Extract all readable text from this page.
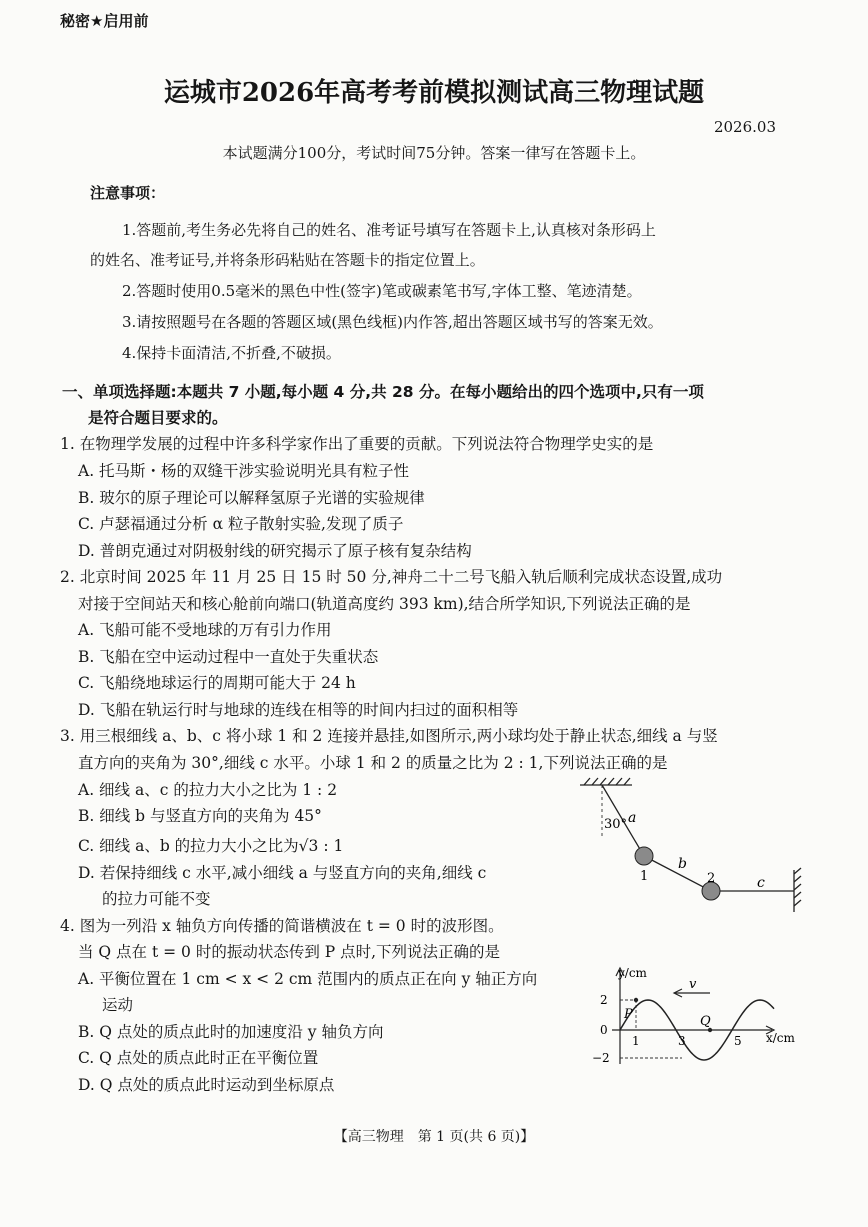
秘密★启用前
运城市2026年高考考前模拟测试高三物理试题
2026.03
本试题满分100分，考试时间75分钟。答案一律写在答题卡上。
注意事项：
1.答题前,考生务必先将自己的姓名、准考证号填写在答题卡上,认真核对条形码上
的姓名、准考证号,并将条形码粘贴在答题卡的指定位置上。
2.答题时使用0.5毫米的黑色中性(签字)笔或碳素笔书写,字体工整、笔迹清楚。
3.请按照题号在各题的答题区域(黑色线框)内作答,超出答题区域书写的答案无效。
4.保持卡面清洁,不折叠,不破损。
一、单项选择题:本题共 7 小题,每小题 4 分,共 28 分。在每小题给出的四个选项中,只有一项
是符合题目要求的。
1. 在物理学发展的过程中许多科学家作出了重要的贡献。下列说法符合物理学史实的是
A. 托马斯・杨的双缝干涉实验说明光具有粒子性
B. 玻尔的原子理论可以解释氢原子光谱的实验规律
C. 卢瑟福通过分析 α 粒子散射实验,发现了质子
D. 普朗克通过对阴极射线的研究揭示了原子核有复杂结构
2. 北京时间 2025 年 11 月 25 日 15 时 50 分,神舟二十二号飞船入轨后顺利完成状态设置,成功
对接于空间站天和核心舱前向端口(轨道高度约 393 km),结合所学知识,下列说法正确的是
A. 飞船可能不受地球的万有引力作用
B. 飞船在空中运动过程中一直处于失重状态
C. 飞船绕地球运行的周期可能大于 24 h
D. 飞船在轨运行时与地球的连线在相等的时间内扫过的面积相等
3. 用三根细线 a、b、c 将小球 1 和 2 连接并悬挂,如图所示,两小球均处于静止状态,细线 a 与竖
直方向的夹角为 30°,细线 c 水平。小球 1 和 2 的质量之比为 2 : 1,下列说法正确的是
A. 细线 a、c 的拉力大小之比为 1 : 2
B. 细线 b 与竖直方向的夹角为 45°
C. 细线 a、b 的拉力大小之比为√3 : 1
D. 若保持细线 c 水平,减小细线 a 与竖直方向的夹角,细线 c
的拉力可能不变
4. 图为一列沿 x 轴负方向传播的简谐横波在 t = 0 时的波形图。
当 Q 点在 t = 0 时的振动状态传到 P 点时,下列说法正确的是
A. 平衡位置在 1 cm < x < 2 cm 范围内的质点正在向 y 轴正方向
运动
B. Q 点处的质点此时的加速度沿 y 轴负方向
C. Q 点处的质点此时正在平衡位置
D. Q 点处的质点此时运动到坐标原点
30° a
b
c
1	2
v
y/cm
x/cm
2
0
−2
1	3	5
P	Q
【高三物理　第 1 页(共 6 页)】
